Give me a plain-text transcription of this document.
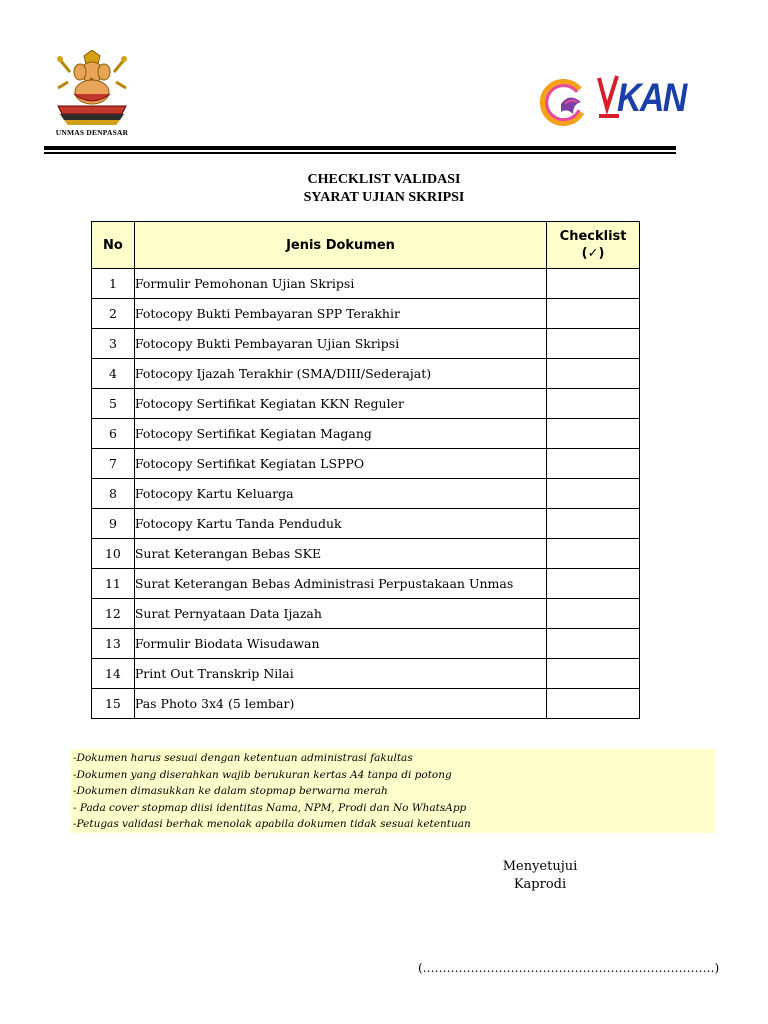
UNMAS DENPASAR
KAN
CHECKLIST VALIDASI
SYARAT UJIAN SKRIPSI
No	Jenis Dokumen	Checklist
(✓)

1	Formulir Pemohonan Ujian Skripsi	
2	Fotocopy Bukti Pembayaran SPP Terakhir	
3	Fotocopy Bukti Pembayaran Ujian Skripsi	
4	Fotocopy Ijazah Terakhir (SMA/DIII/Sederajat)	
5	Fotocopy Sertifikat Kegiatan KKN Reguler	
6	Fotocopy Sertifikat Kegiatan Magang	
7	Fotocopy Sertifikat Kegiatan LSPPO	
8	Fotocopy Kartu Keluarga	
9	Fotocopy Kartu Tanda Penduduk	
10	Surat Keterangan Bebas SKE	
11	Surat Keterangan Bebas Administrasi Perpustakaan Unmas	
12	Surat Pernyataan Data Ijazah	
13	Formulir Biodata Wisudawan	
14	Print Out Transkrip Nilai	
15	Pas Photo 3x4 (5 lembar)	
-Dokumen harus sesuai dengan ketentuan administrasi fakultas
-Dokumen yang diserahkan wajib berukuran kertas A4 tanpa di potong
-Dokumen dimasukkan ke dalam stopmap berwarna merah
- Pada cover stopmap diisi identitas Nama, NPM, Prodi dan No WhatsApp
-Petugas validasi berhak menolak apabila dokumen tidak sesuai ketentuan
Menyetujui
Kaprodi
(……………………………………………………………….)
